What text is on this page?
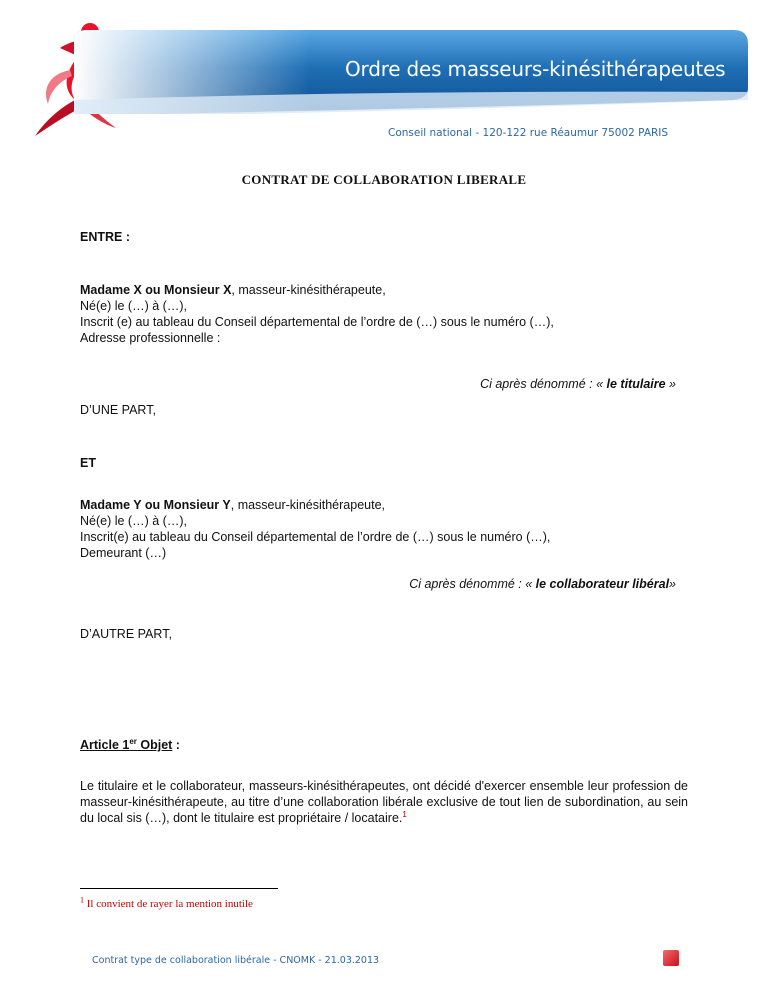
Ordre des masseurs-kinésithérapeutes
Conseil national - 120-122 rue Réaumur 75002 PARIS
CONTRAT DE COLLABORATION LIBERALE
ENTRE :
Madame X ou Monsieur X, masseur-kinésithérapeute,
Né(e) le (…) à (…),
Inscrit (e) au tableau du Conseil départemental de l’ordre de (…) sous le numéro (…),
Adresse professionnelle :
Ci après dénommé : « le titulaire »
D’UNE PART,
ET
Madame Y ou Monsieur Y, masseur-kinésithérapeute,
Né(e) le (…) à (…),
Inscrit(e) au tableau du Conseil départemental de l’ordre de (…) sous le numéro (…),
Demeurant (…)
Ci après dénommé : « le collaborateur libéral»
D’AUTRE PART,
Article 1er Objet :
Le titulaire et le collaborateur, masseurs-kinésithérapeutes, ont décidé d'exercer ensemble leur profession de masseur-kinésithérapeute, au titre d’une collaboration libérale exclusive de tout lien de subordination, au sein du local sis (…), dont le titulaire est propriétaire / locataire.$^1$
$^1$ Il convient de rayer la mention inutile
Contrat type de collaboration libérale - CNOMK - 21.03.2013
